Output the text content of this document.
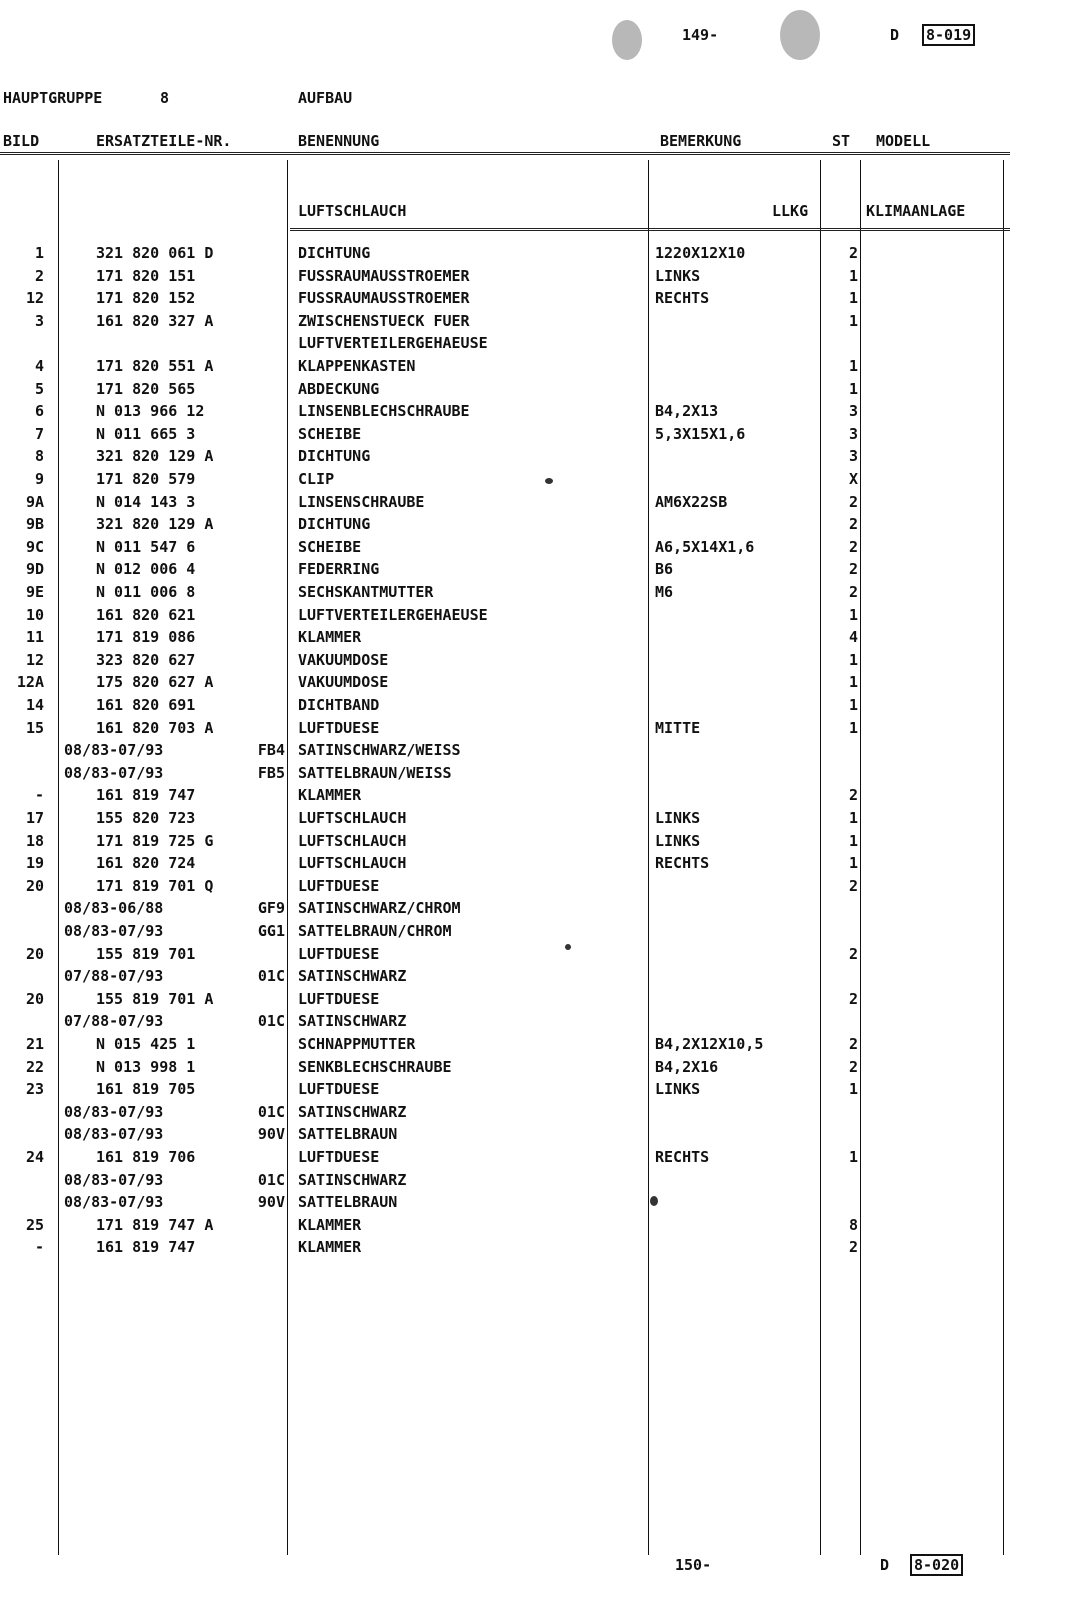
149-	D 8-019
HAUPTGRUPPE	8	AUFBAU
BILD	ERSATZTEILE-NR.	BENENNUNG	BEMERKUNG	ST MODELL
LUFTSCHLAUCH	LLKG	KLIMAANLAGE
1	321 820 061 D	DICHTUNG	1220X12X10	2
2	171 820 151	FUSSRAUMAUSSTROEMER	LINKS	1
12	171 820 152	FUSSRAUMAUSSTROEMER	RECHTS	1
3	161 820 327 A	ZWISCHENSTUECK FUER	1
LUFTVERTEILERGEHAEUSE
4	171 820 551 A	KLAPPENKASTEN	1
5	171 820 565	ABDECKUNG	1
6	N 013 966 12	LINSENBLECHSCHRAUBE	B4,2X13	3
7	N 011 665 3	SCHEIBE	5,3X15X1,6	3
8	321 820 129 A	DICHTUNG	3
9	171 820 579	CLIP	X
9A	N 014 143 3	LINSENSCHRAUBE	AM6X22SB	2
9B	321 820 129 A	DICHTUNG	2
9C	N 011 547 6	SCHEIBE	A6,5X14X1,6	2
9D	N 012 006 4	FEDERRING	B6	2
9E	N 011 006 8	SECHSKANTMUTTER	M6	2
10	161 820 621	LUFTVERTEILERGEHAEUSE	1
11	171 819 086	KLAMMER	4
12	323 820 627	VAKUUMDOSE	1
12A	175 820 627 A	VAKUUMDOSE	1
14	161 820 691	DICHTBAND	1
15	161 820 703 A	LUFTDUESE	MITTE	1
08/83-07/93	FB4 SATINSCHWARZ/WEISS
08/83-07/93	FB5 SATTELBRAUN/WEISS
-	161 819 747	KLAMMER	2
17	155 820 723	LUFTSCHLAUCH	LINKS	1
18	171 819 725 G	LUFTSCHLAUCH	LINKS	1
19	161 820 724	LUFTSCHLAUCH	RECHTS	1
20	171 819 701 Q	LUFTDUESE	2
08/83-06/88	GF9 SATINSCHWARZ/CHROM
08/83-07/93	GG1 SATTELBRAUN/CHROM
20	155 819 701	LUFTDUESE	2
07/88-07/93	01C SATINSCHWARZ
20	155 819 701 A	LUFTDUESE	2
07/88-07/93	01C SATINSCHWARZ
21	N 015 425 1	SCHNAPPMUTTER	B4,2X12X10,5	2
22	N 013 998 1	SENKBLECHSCHRAUBE	B4,2X16	2
23	161 819 705	LUFTDUESE	LINKS	1
08/83-07/93	01C SATINSCHWARZ
08/83-07/93	90V SATTELBRAUN
24	161 819 706	LUFTDUESE	RECHTS	1
08/83-07/93	01C SATINSCHWARZ
08/83-07/93	90V SATTELBRAUN
25	171 819 747 A	KLAMMER	8
-	161 819 747	KLAMMER	2
150-	D 8-020
